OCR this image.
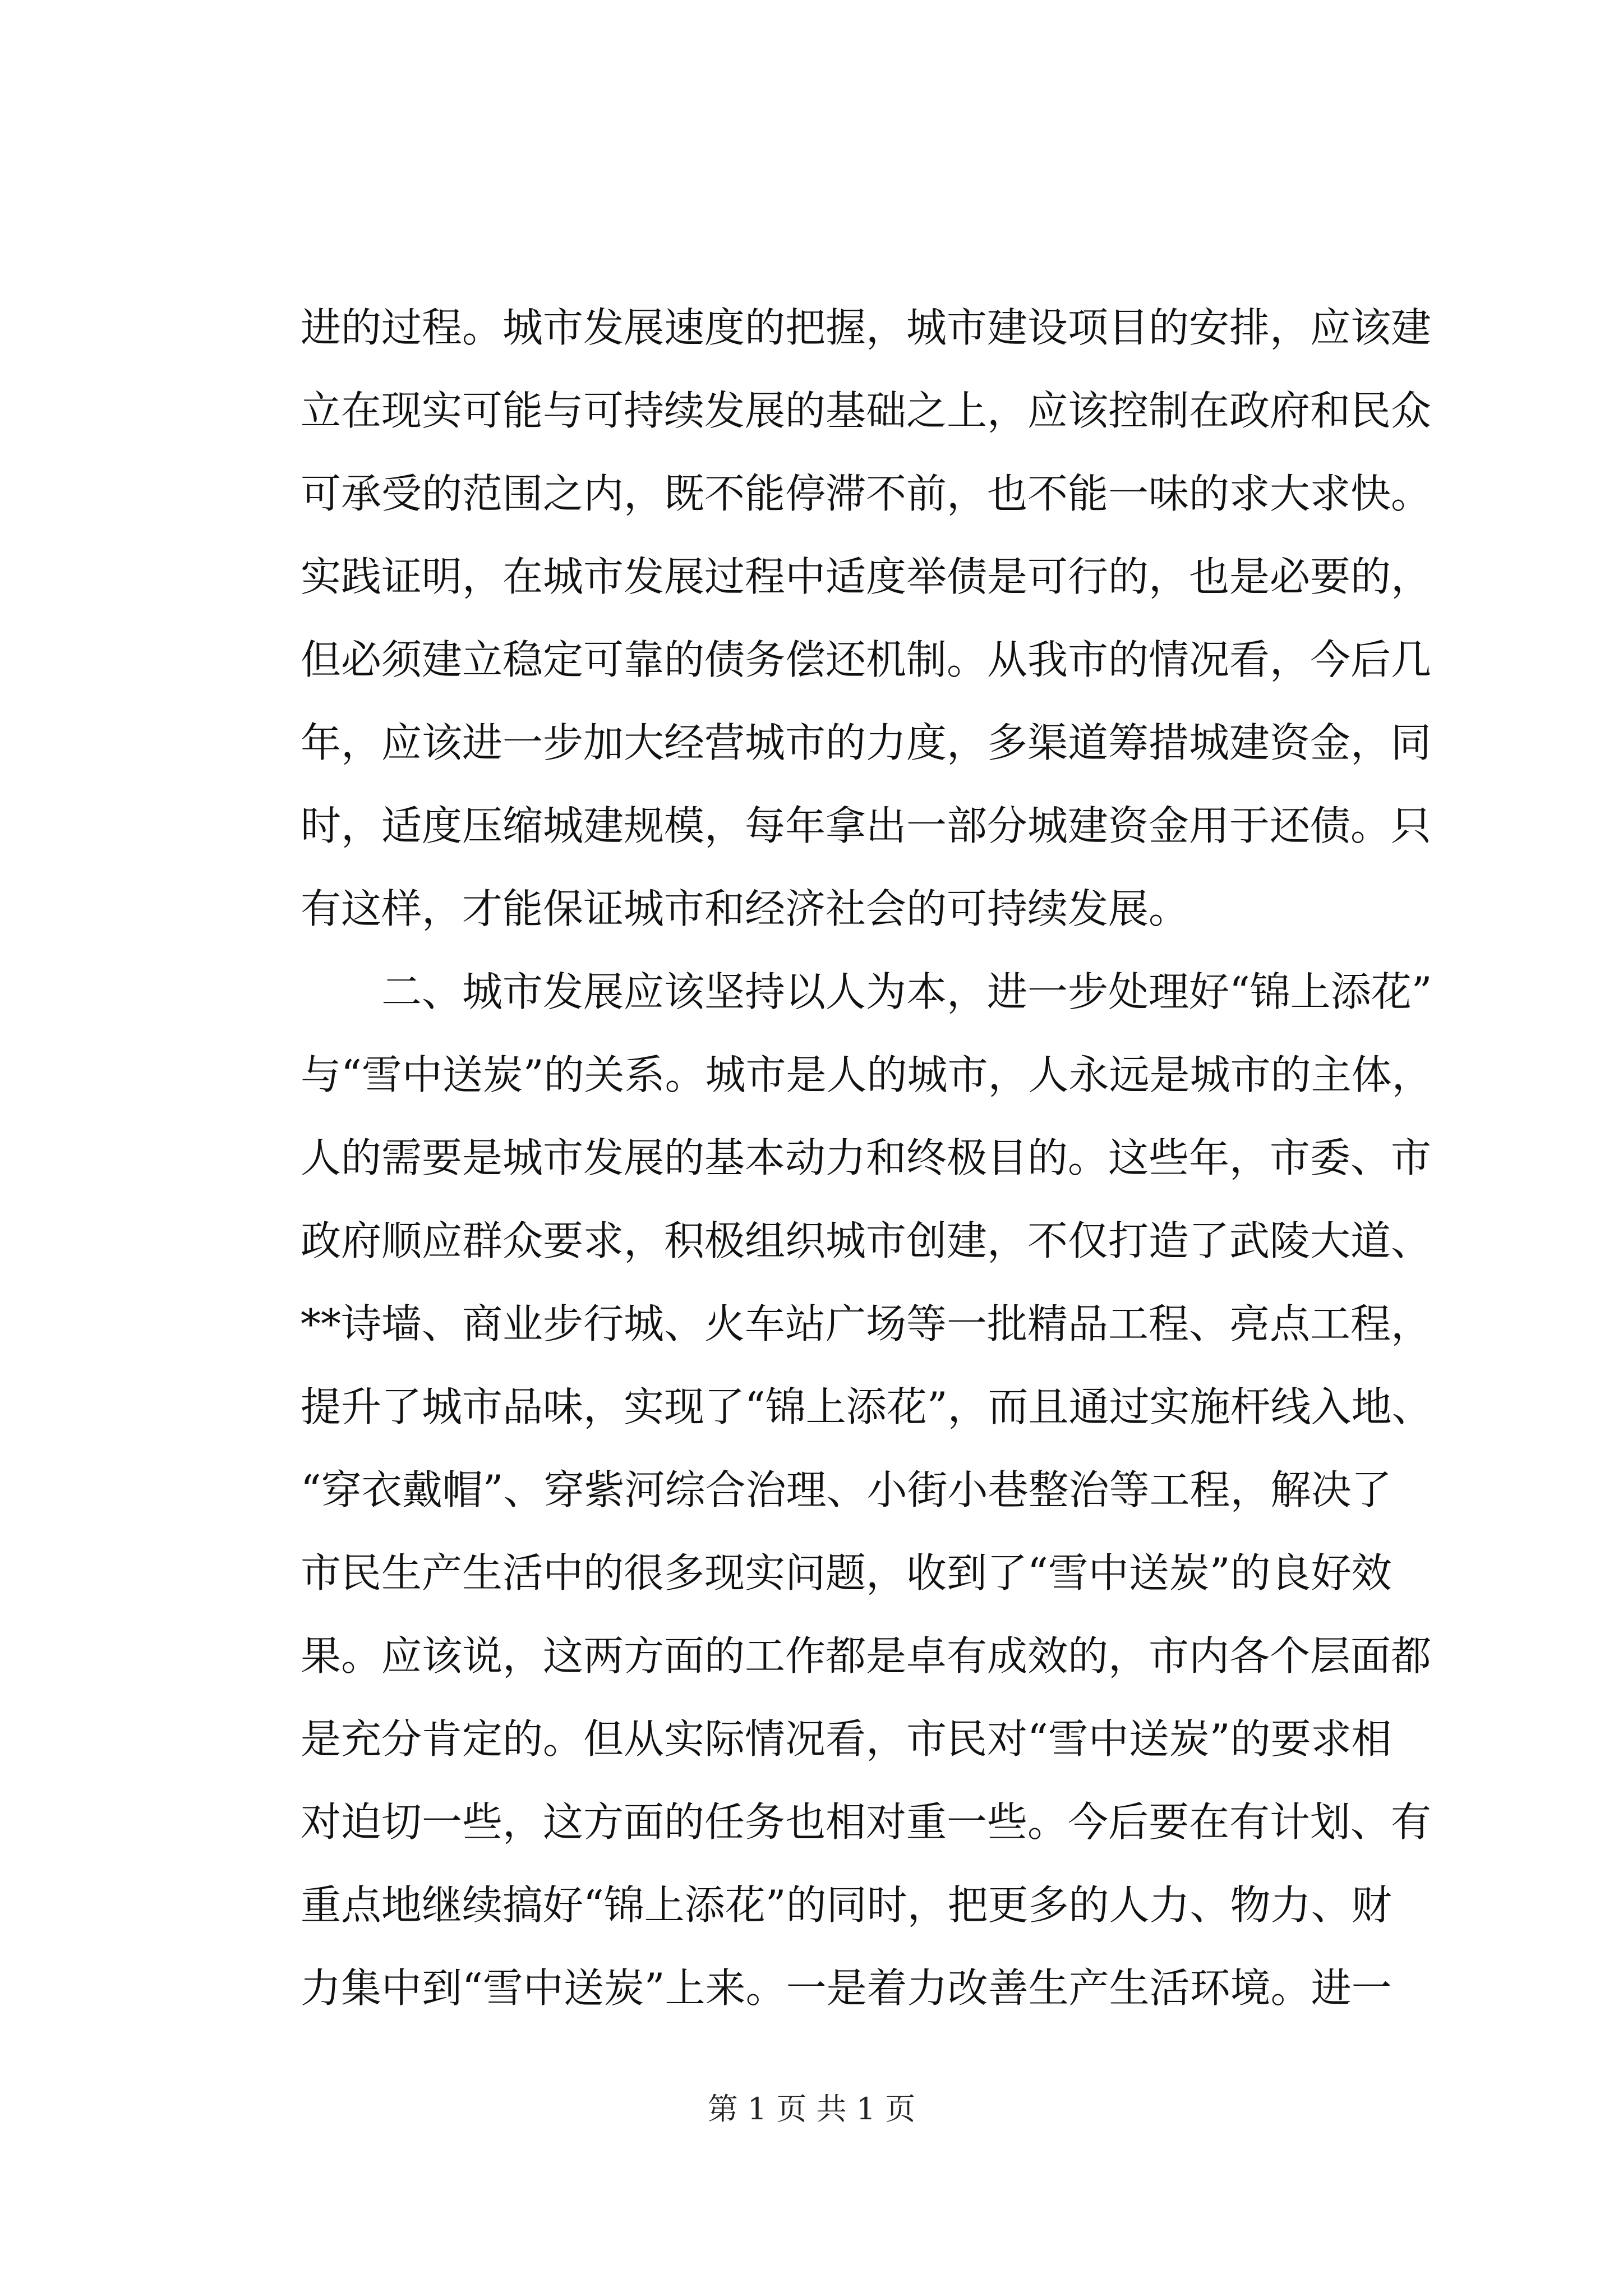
进的过程。城市发展速度的把握，城市建设项目的安排，应该建
立在现实可能与可持续发展的基础之上，应该控制在政府和民众
可承受的范围之内，既不能停滞不前，也不能一味的求大求快。
实践证明，在城市发展过程中适度举债是可行的，也是必要的，
但必须建立稳定可靠的债务偿还机制。从我市的情况看，今后几
年，应该进一步加大经营城市的力度，多渠道筹措城建资金，同
时，适度压缩城建规模，每年拿出一部分城建资金用于还债。只
有这样，才能保证城市和经济社会的可持续发展。
　　二、城市发展应该坚持以人为本，进一步处理好“锦上添花”
与“雪中送炭”的关系。城市是人的城市，人永远是城市的主体，
人的需要是城市发展的基本动力和终极目的。这些年，市委、市
政府顺应群众要求，积极组织城市创建，不仅打造了武陵大道、
**诗墙、商业步行城、火车站广场等一批精品工程、亮点工程，
提升了城市品味，实现了“锦上添花”，而且通过实施杆线入地、
“穿衣戴帽”、穿紫河综合治理、小街小巷整治等工程，解决了
市民生产生活中的很多现实问题，收到了“雪中送炭”的良好效
果。应该说，这两方面的工作都是卓有成效的，市内各个层面都
是充分肯定的。但从实际情况看，市民对“雪中送炭”的要求相
对迫切一些，这方面的任务也相对重一些。今后要在有计划、有
重点地继续搞好“锦上添花”的同时，把更多的人力、物力、财
力集中到“雪中送炭”上来。一是着力改善生产生活环境。进一
第 1 页 共 1 页
